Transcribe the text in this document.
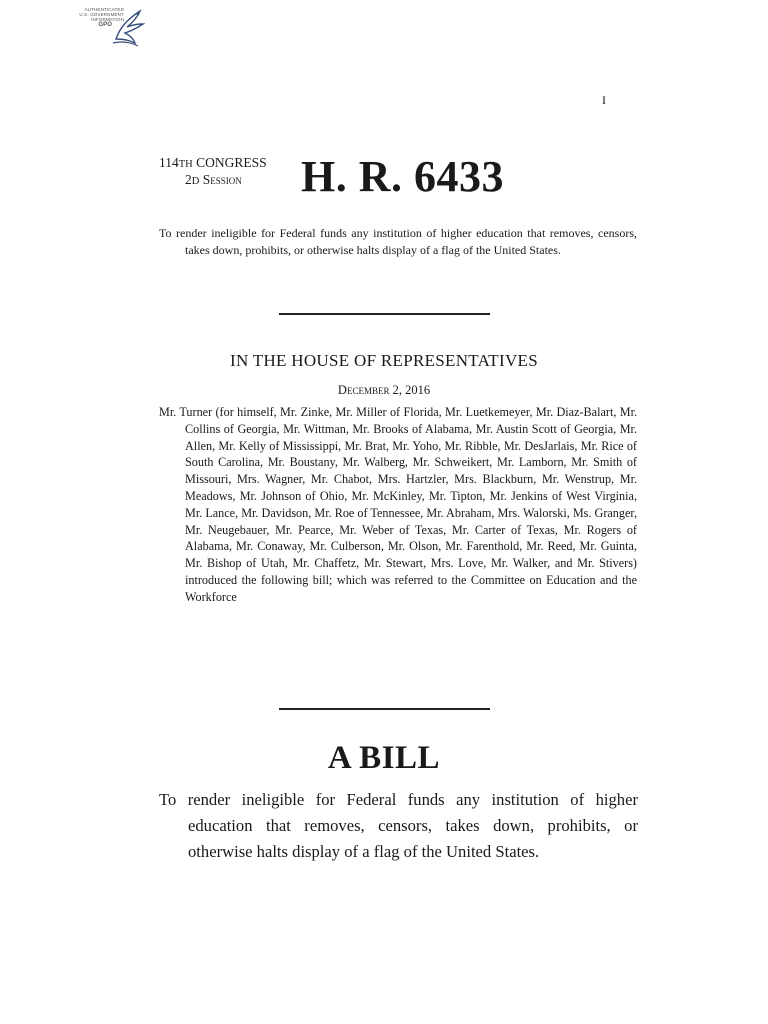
AUTHENTICATED
U.S. GOVERNMENT
INFORMATION
GPO
I
114TH CONGRESS
2D Session	H. R. 6433
To render ineligible for Federal funds any institution of higher education that removes, censors, takes down, prohibits, or otherwise halts display of a flag of the United States.
IN THE HOUSE OF REPRESENTATIVES
December 2, 2016
Mr. Turner (for himself, Mr. Zinke, Mr. Miller of Florida, Mr. Luetkemeyer, Mr. Diaz-Balart, Mr. Collins of Georgia, Mr. Wittman, Mr. Brooks of Alabama, Mr. Austin Scott of Georgia, Mr. Allen, Mr. Kelly of Mississippi, Mr. Brat, Mr. Yoho, Mr. Ribble, Mr. DesJarlais, Mr. Rice of South Carolina, Mr. Boustany, Mr. Walberg, Mr. Schweikert, Mr. Lamborn, Mr. Smith of Missouri, Mrs. Wagner, Mr. Chabot, Mrs. Hartzler, Mrs. Blackburn, Mr. Wenstrup, Mr. Meadows, Mr. Johnson of Ohio, Mr. McKinley, Mr. Tipton, Mr. Jenkins of West Virginia, Mr. Lance, Mr. Davidson, Mr. Roe of Tennessee, Mr. Abraham, Mrs. Walorski, Ms. Granger, Mr. Neugebauer, Mr. Pearce, Mr. Weber of Texas, Mr. Carter of Texas, Mr. Rogers of Alabama, Mr. Conaway, Mr. Culberson, Mr. Olson, Mr. Farenthold, Mr. Reed, Mr. Guinta, Mr. Bishop of Utah, Mr. Chaffetz, Mr. Stewart, Mrs. Love, Mr. Walker, and Mr. Stivers) introduced the following bill; which was referred to the Committee on Education and the Workforce
A BILL
To render ineligible for Federal funds any institution of higher education that removes, censors, takes down, prohibits, or otherwise halts display of a flag of the United States.
